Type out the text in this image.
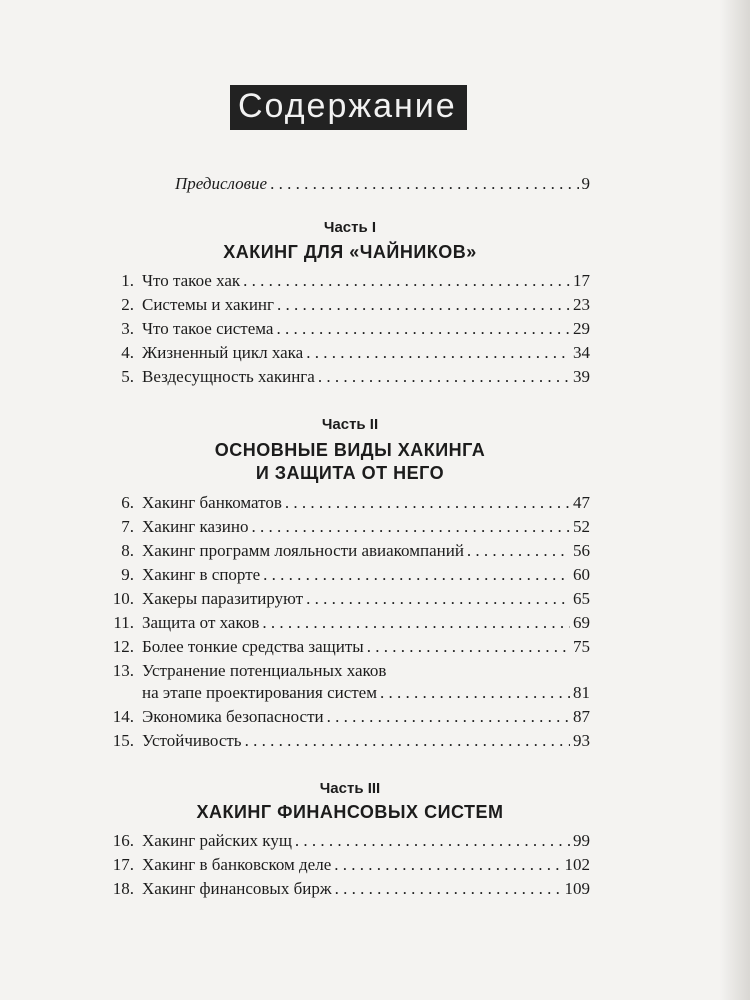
Содержание
Предисловие . . .	9
Часть I
ХАКИНГ ДЛЯ «ЧАЙНИКОВ»
1. Что такое хак . . .	17
2. Системы и хакинг . . .	23
3. Что такое система . . .	29
4. Жизненный цикл хака . . .	34
5. Вездесущность хакинга . . .	39
Часть II
ОСНОВНЫЕ ВИДЫ ХАКИНГА
И ЗАЩИТА ОТ НЕГО
6. Хакинг банкоматов . . .	47
7. Хакинг казино . . .	52
8. Хакинг программ лояльности авиакомпаний . . .	56
9. Хакинг в спорте . . .	60
10. Хакеры паразитируют . . .	65
11. Защита от хаков . . .	69
12. Более тонкие средства защиты . . .	75
13. Устранение потенциальных хаков
на этапе проектирования систем . . .	81
14. Экономика безопасности . . .	87
15. Устойчивость . . .	93
Часть III
ХАКИНГ ФИНАНСОВЫХ СИСТЕМ
16. Хакинг райских кущ . . .	99
17. Хакинг в банковском деле . . .	102
18. Хакинг финансовых бирж . . .	109
